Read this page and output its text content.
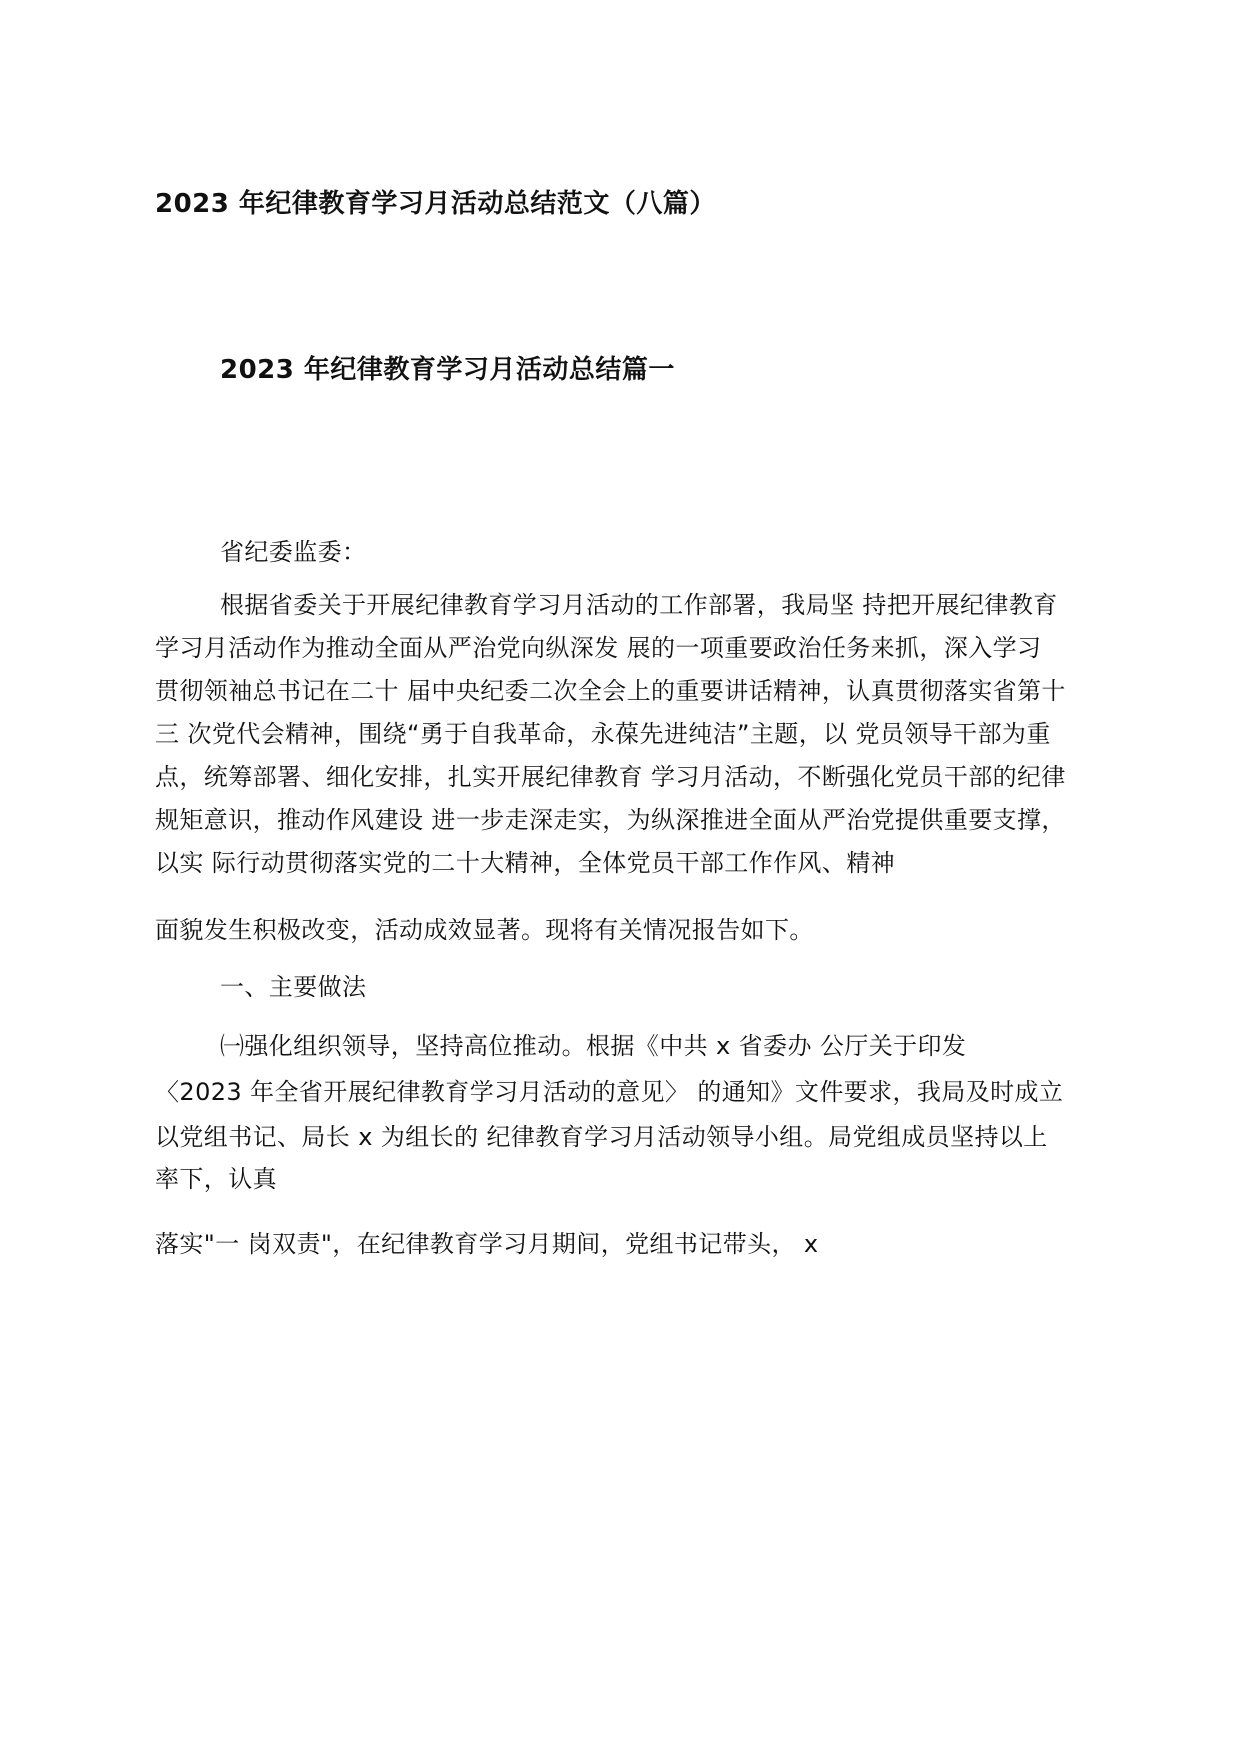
2023 年纪律教育学习月活动总结范文（八篇）
2023 年纪律教育学习月活动总结篇一
省纪委监委：
根据省委关于开展纪律教育学习月活动的工作部署，我局坚 持把开展纪律教育
学习月活动作为推动全面从严治党向纵深发 展的一项重要政治任务来抓，深入学习
贯彻领袖总书记在二十 届中央纪委二次全会上的重要讲话精神，认真贯彻落实省第十
三 次党代会精神，围绕“勇于自我革命，永葆先进纯洁”主题，以 党员领导干部为重
点，统筹部署、细化安排，扎实开展纪律教育 学习月活动，不断强化党员干部的纪律
规矩意识，推动作风建设 进一步走深走实，为纵深推进全面从严治党提供重要支撑，
以实 际行动贯彻落实党的二十大精神，全体党员干部工作作风、精神
面貌发生积极改变，活动成效显著。现将有关情况报告如下。
一、主要做法
㈠强化组织领导，坚持高位推动。根据《中共 x 省委办 公厅关于印发
〈2023 年全省开展纪律教育学习月活动的意见〉 的通知》文件要求，我局及时成立
以党组书记、局长 x 为组长的 纪律教育学习月活动领导小组。局党组成员坚持以上
率下，认真
落实"一 岗双责"，在纪律教育学习月期间，党组书记带头， x
